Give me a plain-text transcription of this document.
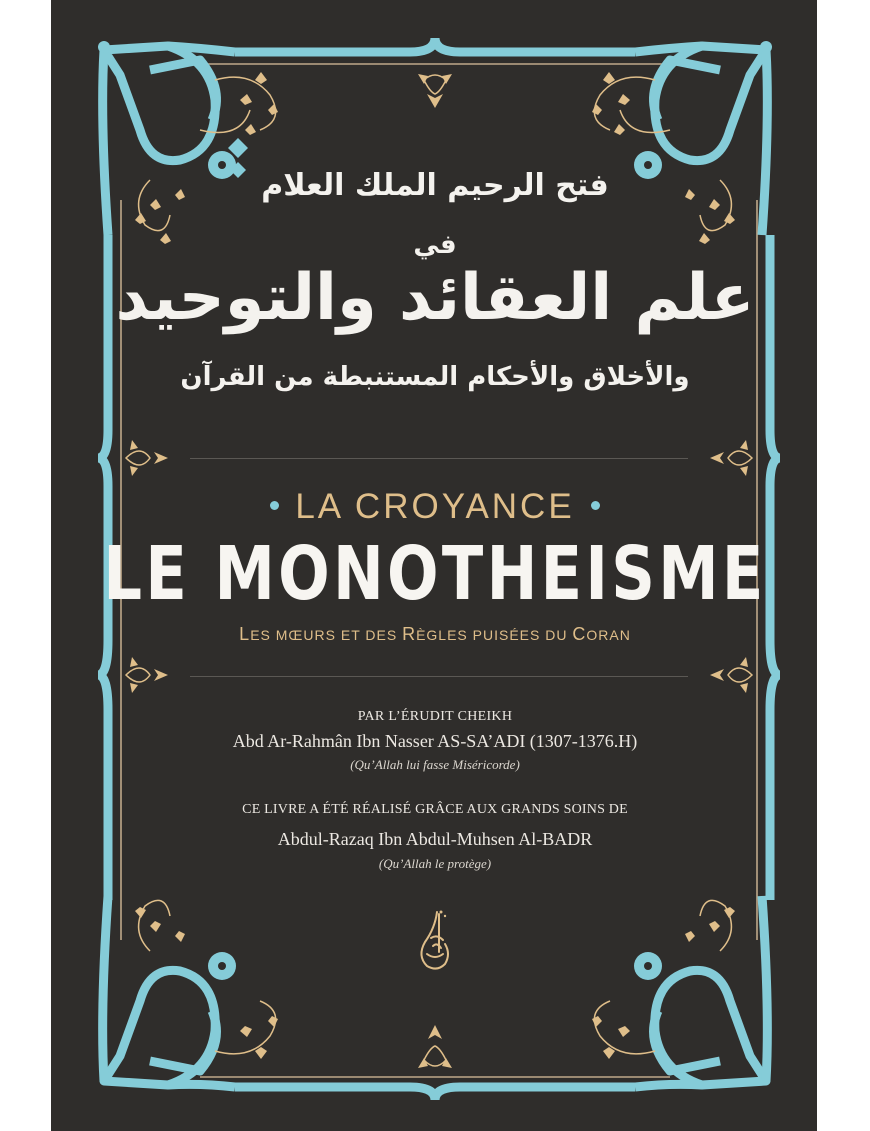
فتح الرحيم الملك العلام
في
علم العقائد والتوحيد
والأخلاق والأحكام المستنبطة من القرآن
LA CROYANCE
LE MONOTHEISME
LES MŒURS ET DES RÈGLES PUISÉES DU CORAN
PAR L’ÉRUDIT CHEIKH
Abd Ar-Rahmân Ibn Nasser AS-SA’ADI (1307-1376.H)
(Qu’Allah lui fasse Miséricorde)
CE LIVRE A ÉTÉ RÉALISÉ GRÂCE AUX GRANDS SOINS DE
Abdul-Razaq Ibn Abdul-Muhsen Al-BADR
(Qu’Allah le protège)
